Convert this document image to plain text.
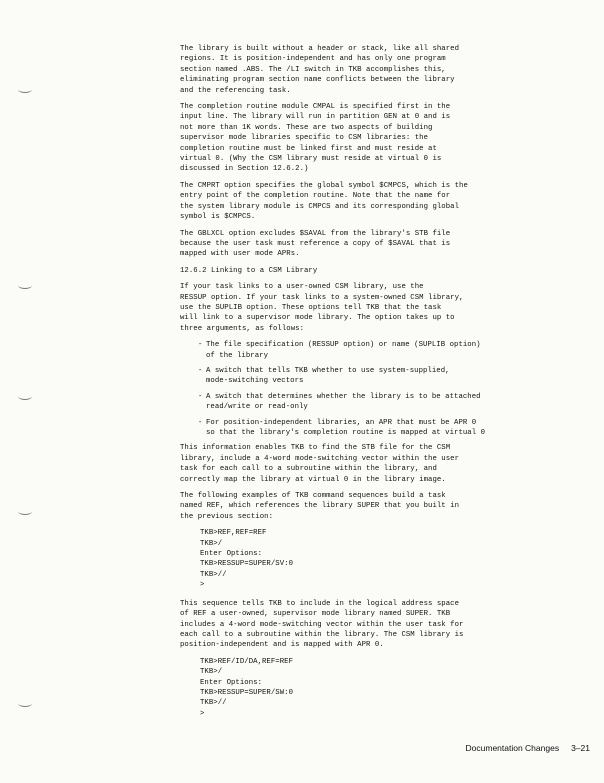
The library is built without a header or stack, like all shared
regions. It is position-independent and has only one program
section named .ABS. The /LI switch in TKB accomplishes this,
eliminating program section name conflicts between the library
and the referencing task.
The completion routine module CMPAL is specified first in the
input line. The library will run in partition GEN at 0 and is
not more than 1K words. These are two aspects of building
supervisor mode libraries specific to CSM libraries: the
completion routine must be linked first and must reside at
virtual 0. (Why the CSM library must reside at virtual 0 is
discussed in Section 12.6.2.)
The CMPRT option specifies the global symbol $CMPCS, which is the
entry point of the completion routine. Note that the name for
the system library module is CMPCS and its corresponding global
symbol is $CMPCS.
The GBLXCL option excludes $SAVAL from the library's STB file
because the user task must reference a copy of $SAVAL that is
mapped with user mode APRs.
12.6.2 Linking to a CSM Library
If your task links to a user-owned CSM library, use the
RESSUP option. If your task links to a system-owned CSM library,
use the SUPLIB option. These options tell TKB that the task
will link to a supervisor mode library. The option takes up to
three arguments, as follows:
- The file specification (RESSUP option) or name (SUPLIB option)
of the library
- A switch that tells TKB whether to use system-supplied,
mode-switching vectors
- A switch that determines whether the library is to be attached
read/write or read-only
- For position-independent libraries, an APR that must be APR 0
so that the library's completion routine is mapped at virtual 0
This information enables TKB to find the STB file for the CSM
library, include a 4-word mode-switching vector within the user
task for each call to a subroutine within the library, and
correctly map the library at virtual 0 in the library image.
The following examples of TKB command sequences build a task
named REF, which references the library SUPER that you built in
the previous section:
TKB>REF,REF=REF
TKB>/
Enter Options:
TKB>RESSUP=SUPER/SV:0
TKB>//
>
This sequence tells TKB to include in the logical address space
of REF a user-owned, supervisor mode library named SUPER. TKB
includes a 4-word mode-switching vector within the user task for
each call to a subroutine within the library. The CSM library is
position-independent and is mapped with APR 0.
TKB>REF/ID/DA,REF=REF
TKB>/
Enter Options:
TKB>RESSUP=SUPER/SW:0
TKB>//
>
Documentation Changes 3–21
